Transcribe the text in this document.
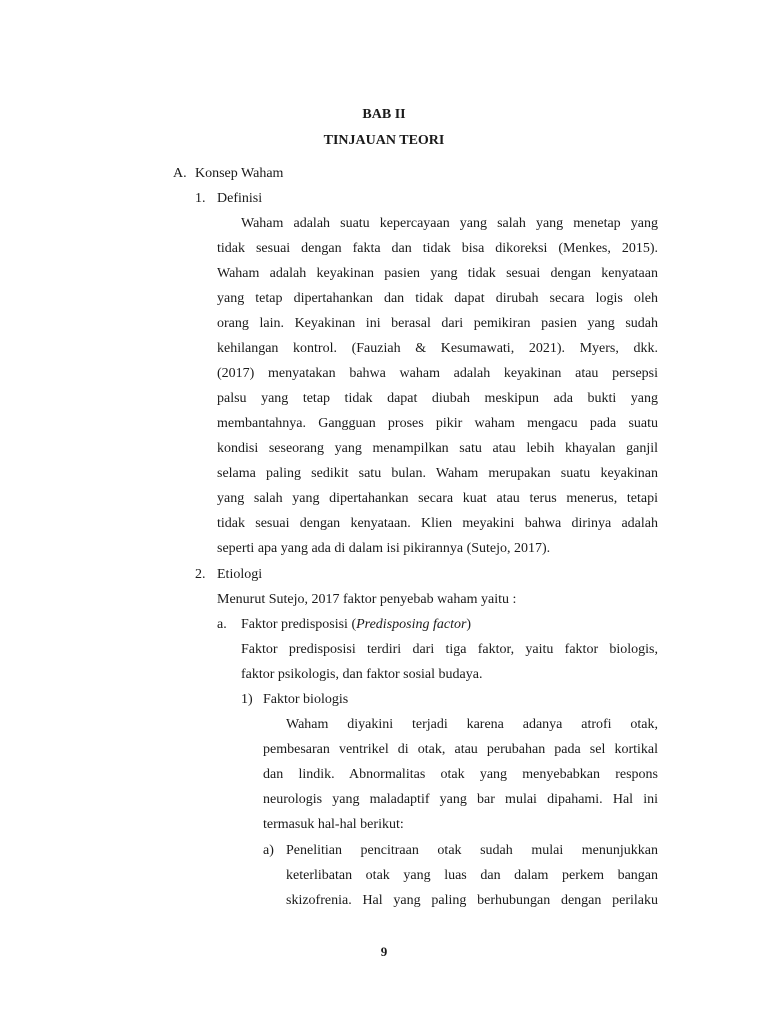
BAB II
TINJAUAN TEORI
A. Konsep Waham
1. Definisi
Waham adalah suatu kepercayaan yang salah yang menetap yang
tidak sesuai dengan fakta dan tidak bisa dikoreksi (Menkes, 2015).
Waham adalah keyakinan pasien yang tidak sesuai dengan kenyataan
yang tetap dipertahankan dan tidak dapat dirubah secara logis oleh
orang lain. Keyakinan ini berasal dari pemikiran pasien yang sudah
kehilangan kontrol. (Fauziah & Kesumawati, 2021). Myers, dkk.
(2017) menyatakan bahwa waham adalah keyakinan atau persepsi
palsu yang tetap tidak dapat diubah meskipun ada bukti yang
membantahnya. Gangguan proses pikir waham mengacu pada suatu
kondisi seseorang yang menampilkan satu atau lebih khayalan ganjil
selama paling sedikit satu bulan. Waham merupakan suatu keyakinan
yang salah yang dipertahankan secara kuat atau terus menerus, tetapi
tidak sesuai dengan kenyataan. Klien meyakini bahwa dirinya adalah
seperti apa yang ada di dalam isi pikirannya (Sutejo, 2017).
2. Etiologi
Menurut Sutejo, 2017 faktor penyebab waham yaitu :
a. Faktor predisposisi (Predisposing factor)
Faktor predisposisi terdiri dari tiga faktor, yaitu faktor biologis,
faktor psikologis, dan faktor sosial budaya.
1) Faktor biologis
Waham diyakini terjadi karena adanya atrofi otak,
pembesaran ventrikel di otak, atau perubahan pada sel kortikal
dan lindik. Abnormalitas otak yang menyebabkan respons
neurologis yang maladaptif yang bar mulai dipahami. Hal ini
termasuk hal-hal berikut:
a) Penelitian pencitraan otak sudah mulai menunjukkan
keterlibatan otak yang luas dan dalam perkem bangan
skizofrenia. Hal yang paling berhubungan dengan perilaku
9
